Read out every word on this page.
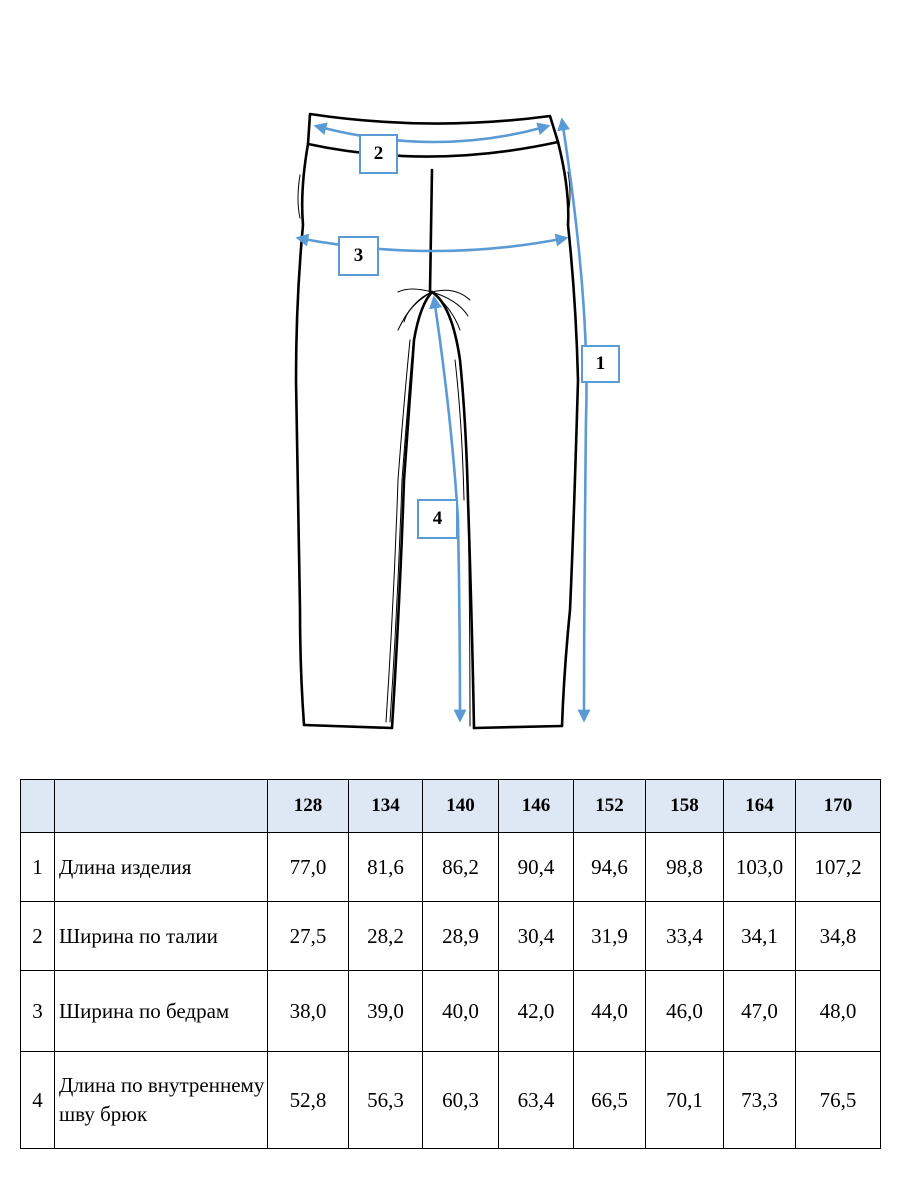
1
2
3
4
		128	134	140	146	152	158	164	170
1	Длина изделия	77,0	81,6	86,2	90,4	94,6	98,8	103,0	107,2
2	Ширина по талии	27,5	28,2	28,9	30,4	31,9	33,4	34,1	34,8
3	Ширина по бедрам	38,0	39,0	40,0	42,0	44,0	46,0	47,0	48,0
4	Длина по внутреннему шву брюк	52,8	56,3	60,3	63,4	66,5	70,1	73,3	76,5
